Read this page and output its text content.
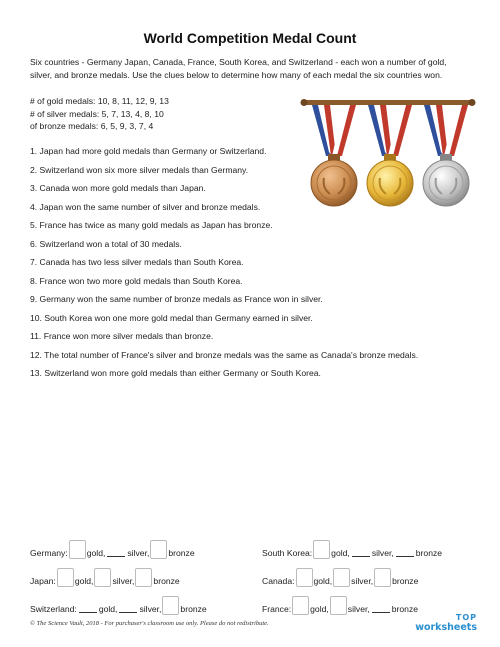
World Competition Medal Count
Six countries - Germany Japan, Canada, France, South Korea, and Switzerland - each won a number of gold, silver, and bronze medals. Use the clues below to determine how many of each medal the six countries won.
# of gold medals: 10, 8, 11, 12, 9, 13
# of silver medals: 5, 7, 13, 4, 8, 10
of bronze medals: 6, 5, 9, 3, 7, 4
1. Japan had more gold medals than Germany or Switzerland.
2. Switzerland won six more silver medals than Germany.
3. Canada won more gold medals than Japan.
4. Japan won the same number of silver and bronze medals.
5. France has twice as many gold medals as Japan has bronze.
6. Switzerland won a total of 30 medals.
7. Canada has two less silver medals than South Korea.
8. France won two more gold medals than South Korea.
9. Germany won the same number of bronze medals as France won in silver.
10. South Korea won one more gold medal than Germany earned in silver.
11. France won more silver medals than bronze.
12. The total number of France's silver and bronze medals was the same as Canada's bronze medals.
13. Switzerland won more gold medals than either Germany or South Korea.
Germany: gold,	silver, bronze	South Korea: gold,	silver,	bronze
Japan: gold, silver, bronze	Canada: gold, silver, bronze
Switzerland:	gold,	silver, bronze	France: gold, silver,	bronze
© The Science Vault, 2018 - For purchaser's classroom use only. Please do not redistribute.
TOP
worksheets
